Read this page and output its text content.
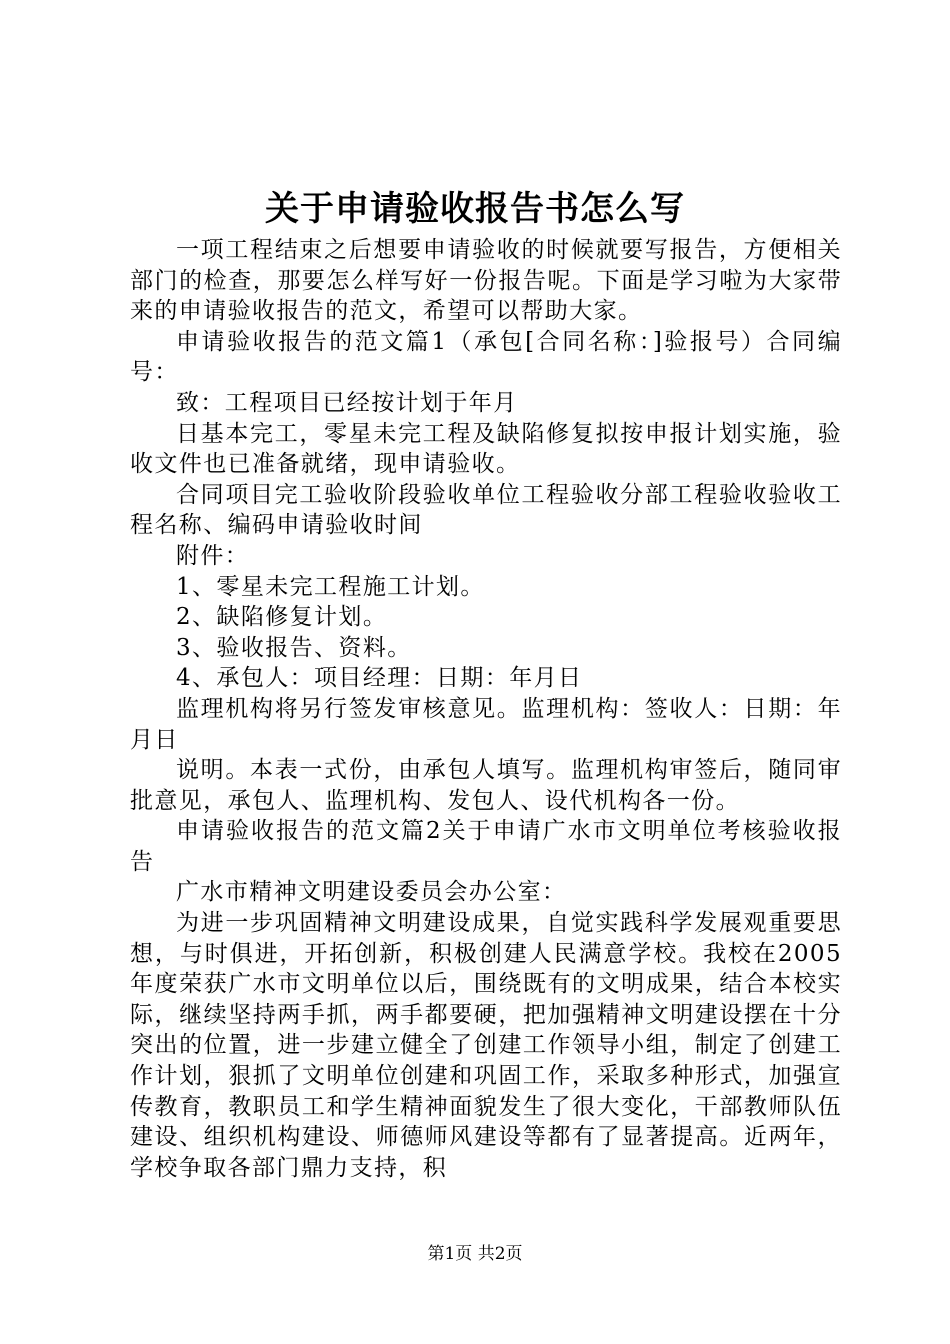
关于申请验收报告书怎么写

一项工程结束之后想要申请验收的时候就要写报告，方便相关部门的检查，那要怎么样写好一份报告呢。下面是学习啦为大家带来的申请验收报告的范文，希望可以帮助大家。

申请验收报告的范文篇1（承包[合同名称：]验报号）合同编号：

致：工程项目已经按计划于年月

日基本完工，零星未完工程及缺陷修复拟按申报计划实施，验收文件也已准备就绪，现申请验收。

合同项目完工验收阶段验收单位工程验收分部工程验收验收工程名称、编码申请验收时间

附件：

1、零星未完工程施工计划。

2、缺陷修复计划。

3、验收报告、资料。

4、承包人：项目经理：日期：年月日

监理机构将另行签发审核意见。监理机构：签收人：日期：年月日

说明。本表一式份，由承包人填写。监理机构审签后，随同审批意见，承包人、监理机构、发包人、设代机构各一份。

申请验收报告的范文篇2关于申请广水市文明单位考核验收报告

广水市精神文明建设委员会办公室：

为进一步巩固精神文明建设成果，自觉实践科学发展观重要思想，与时俱进，开拓创新，积极创建人民满意学校。我校在2005年度荣获广水市文明单位以后，围绕既有的文明成果，结合本校实际，继续坚持两手抓，两手都要硬，把加强精神文明建设摆在十分突出的位置，进一步建立健全了创建工作领导小组，制定了创建工作计划，狠抓了文明单位创建和巩固工作，采取多种形式，加强宣传教育，教职员工和学生精神面貌发生了很大变化，干部教师队伍建设、组织机构建设、师德师风建设等都有了显著提高。近两年，学校争取各部门鼎力支持，积

第1页 共2页
